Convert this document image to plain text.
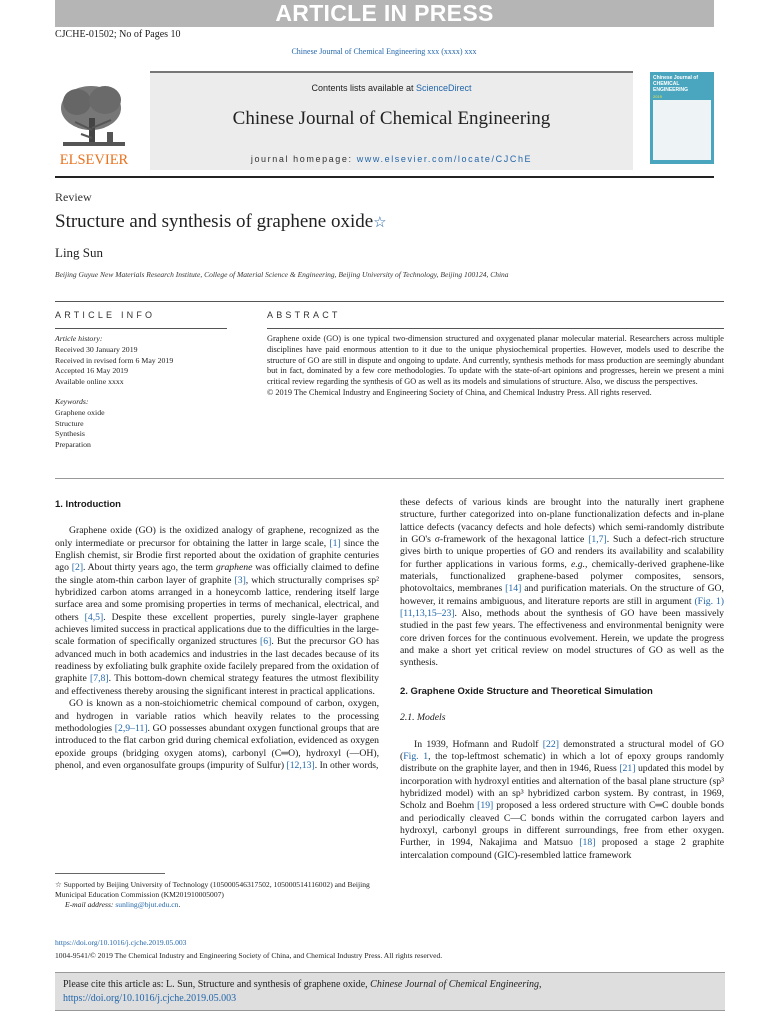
ARTICLE IN PRESS
CJCHE-01502; No of Pages 10
Chinese Journal of Chemical Engineering xxx (xxxx) xxx
ELSEVIER
Contents lists available at ScienceDirect
Chinese Journal of Chemical Engineering
journal homepage: www.elsevier.com/locate/CJChE
Chinese Journal of CHEMICAL ENGINEERING
2019
Review
Structure and synthesis of graphene oxide☆
Ling Sun
Beijing Guyue New Materials Research Institute, College of Material Science & Engineering, Beijing University of Technology, Beijing 100124, China
ARTICLE INFO	ABSTRACT
Article history:
Received 30 January 2019
Received in revised form 6 May 2019
Accepted 16 May 2019
Available online xxxx
Keywords:
Graphene oxide
Structure
Synthesis
Preparation
Graphene oxide (GO) is one typical two-dimension structured and oxygenated planar molecular material. Researchers across multiple disciplines have paid enormous attention to it due to the unique physiochemical properties. However, models used to describe the structure of GO are still in dispute and ongoing to update. And currently, synthesis methods for mass production are seemingly abundant but in fact, dominated by a few core methodologies. To update with the state-of-art opinions and progresses, herein we present a mini critical review regarding the synthesis of GO as well as its models and simulations of structure. Also, we discuss the perspectives.
© 2019 The Chemical Industry and Engineering Society of China, and Chemical Industry Press. All rights reserved.
1. Introduction

Graphene oxide (GO) is the oxidized analogy of graphene, recognized as the only intermediate or precursor for obtaining the latter in large scale, [1] since the English chemist, sir Brodie first reported about the oxidation of graphite centuries ago [2]. About thirty years ago, the term graphene was officially claimed to define the single atom-thin carbon layer of graphite [3], which structurally comprises sp² hybridized carbon atoms arranged in a honeycomb lattice, rendering itself large surface area and some promising properties in terms of mechanical, electrical, and others [4,5]. Despite these excellent properties, purely single-layer graphene achieves limited success in practical applications due to the difficulties in the large-scale formation of specifically organized structures [6]. But the precursor GO has advanced much in both academics and industries in the last decades because of its readiness by exfoliating bulk graphite oxide facilely prepared from the oxidation of graphite [7,8]. This bottom-down chemical strategy features the utmost flexibility and effectiveness thereby arousing the significant interest in practical applications.

GO is known as a non-stoichiometric chemical compound of carbon, oxygen, and hydrogen in variable ratios which heavily relates to the processing methodologies [2,9–11]. GO possesses abundant oxygen functional groups that are introduced to the flat carbon grid during chemical exfoliation, evidenced as oxygen epoxide groups (bridging oxygen atoms), carbonyl (C═O), hydroxyl (—OH), phenol, and even organosulfate groups (impurity of Sulfur) [12,13]. In other words,

these defects of various kinds are brought into the naturally inert graphene structure, further categorized into on-plane functionalization defects and in-plane lattice defects (vacancy defects and hole defects) which semi-randomly distribute in GO's σ-framework of the hexagonal lattice [1,7]. Such a defect-rich structure gives birth to unique properties of GO and renders its availability and scalability for further applications in various forms, e.g., chemically-derived graphene-like materials, functionalized graphene-based polymer composites, sensors, photovoltaics, membranes [14] and purification materials. On the structure of GO, however, it remains ambiguous, and literature reports are still in argument (Fig. 1) [11,13,15–23]. Also, methods about the synthesis of GO have been massively studied in the past few years. The effectiveness and environmental benignity were core driven forces for the continuous evolvement. Herein, we update the progress and make a short yet critical review on model structures of GO as well as the synthesis.

2. Graphene Oxide Structure and Theoretical Simulation
2.1. Models

In 1939, Hofmann and Rudolf [22] demonstrated a structural model of GO (Fig. 1, the top-leftmost schematic) in which a lot of epoxy groups randomly distribute on the graphite layer, and then in 1946, Ruess [21] updated this model by incorporation with hydroxyl entities and alternation of the basal plane structure (sp³ hybridized model) with an sp³ hybridized carbon system. By contrast, in 1969, Scholz and Boehm [19] proposed a less ordered structure with C═C double bonds and periodically cleaved C—C bonds within the corrugated carbon layers and hydroxyl, carbonyl groups in different surroundings, free from ether oxygen. Further, in 1994, Nakajima and Matsuo [18] proposed a stage 2 graphite intercalation compound (GIC)-resembled lattice framework

☆ Supported by Beijing University of Technology (105000546317502, 105000514116002) and Beijing Municipal Education Commission (KM201910005007)
E-mail address: sunling@bjut.edu.cn.
https://doi.org/10.1016/j.cjche.2019.05.003
1004-9541/© 2019 The Chemical Industry and Engineering Society of China, and Chemical Industry Press. All rights reserved.
Please cite this article as: L. Sun, Structure and synthesis of graphene oxide, Chinese Journal of Chemical Engineering, https://doi.org/10.1016/j.cjche.2019.05.003
